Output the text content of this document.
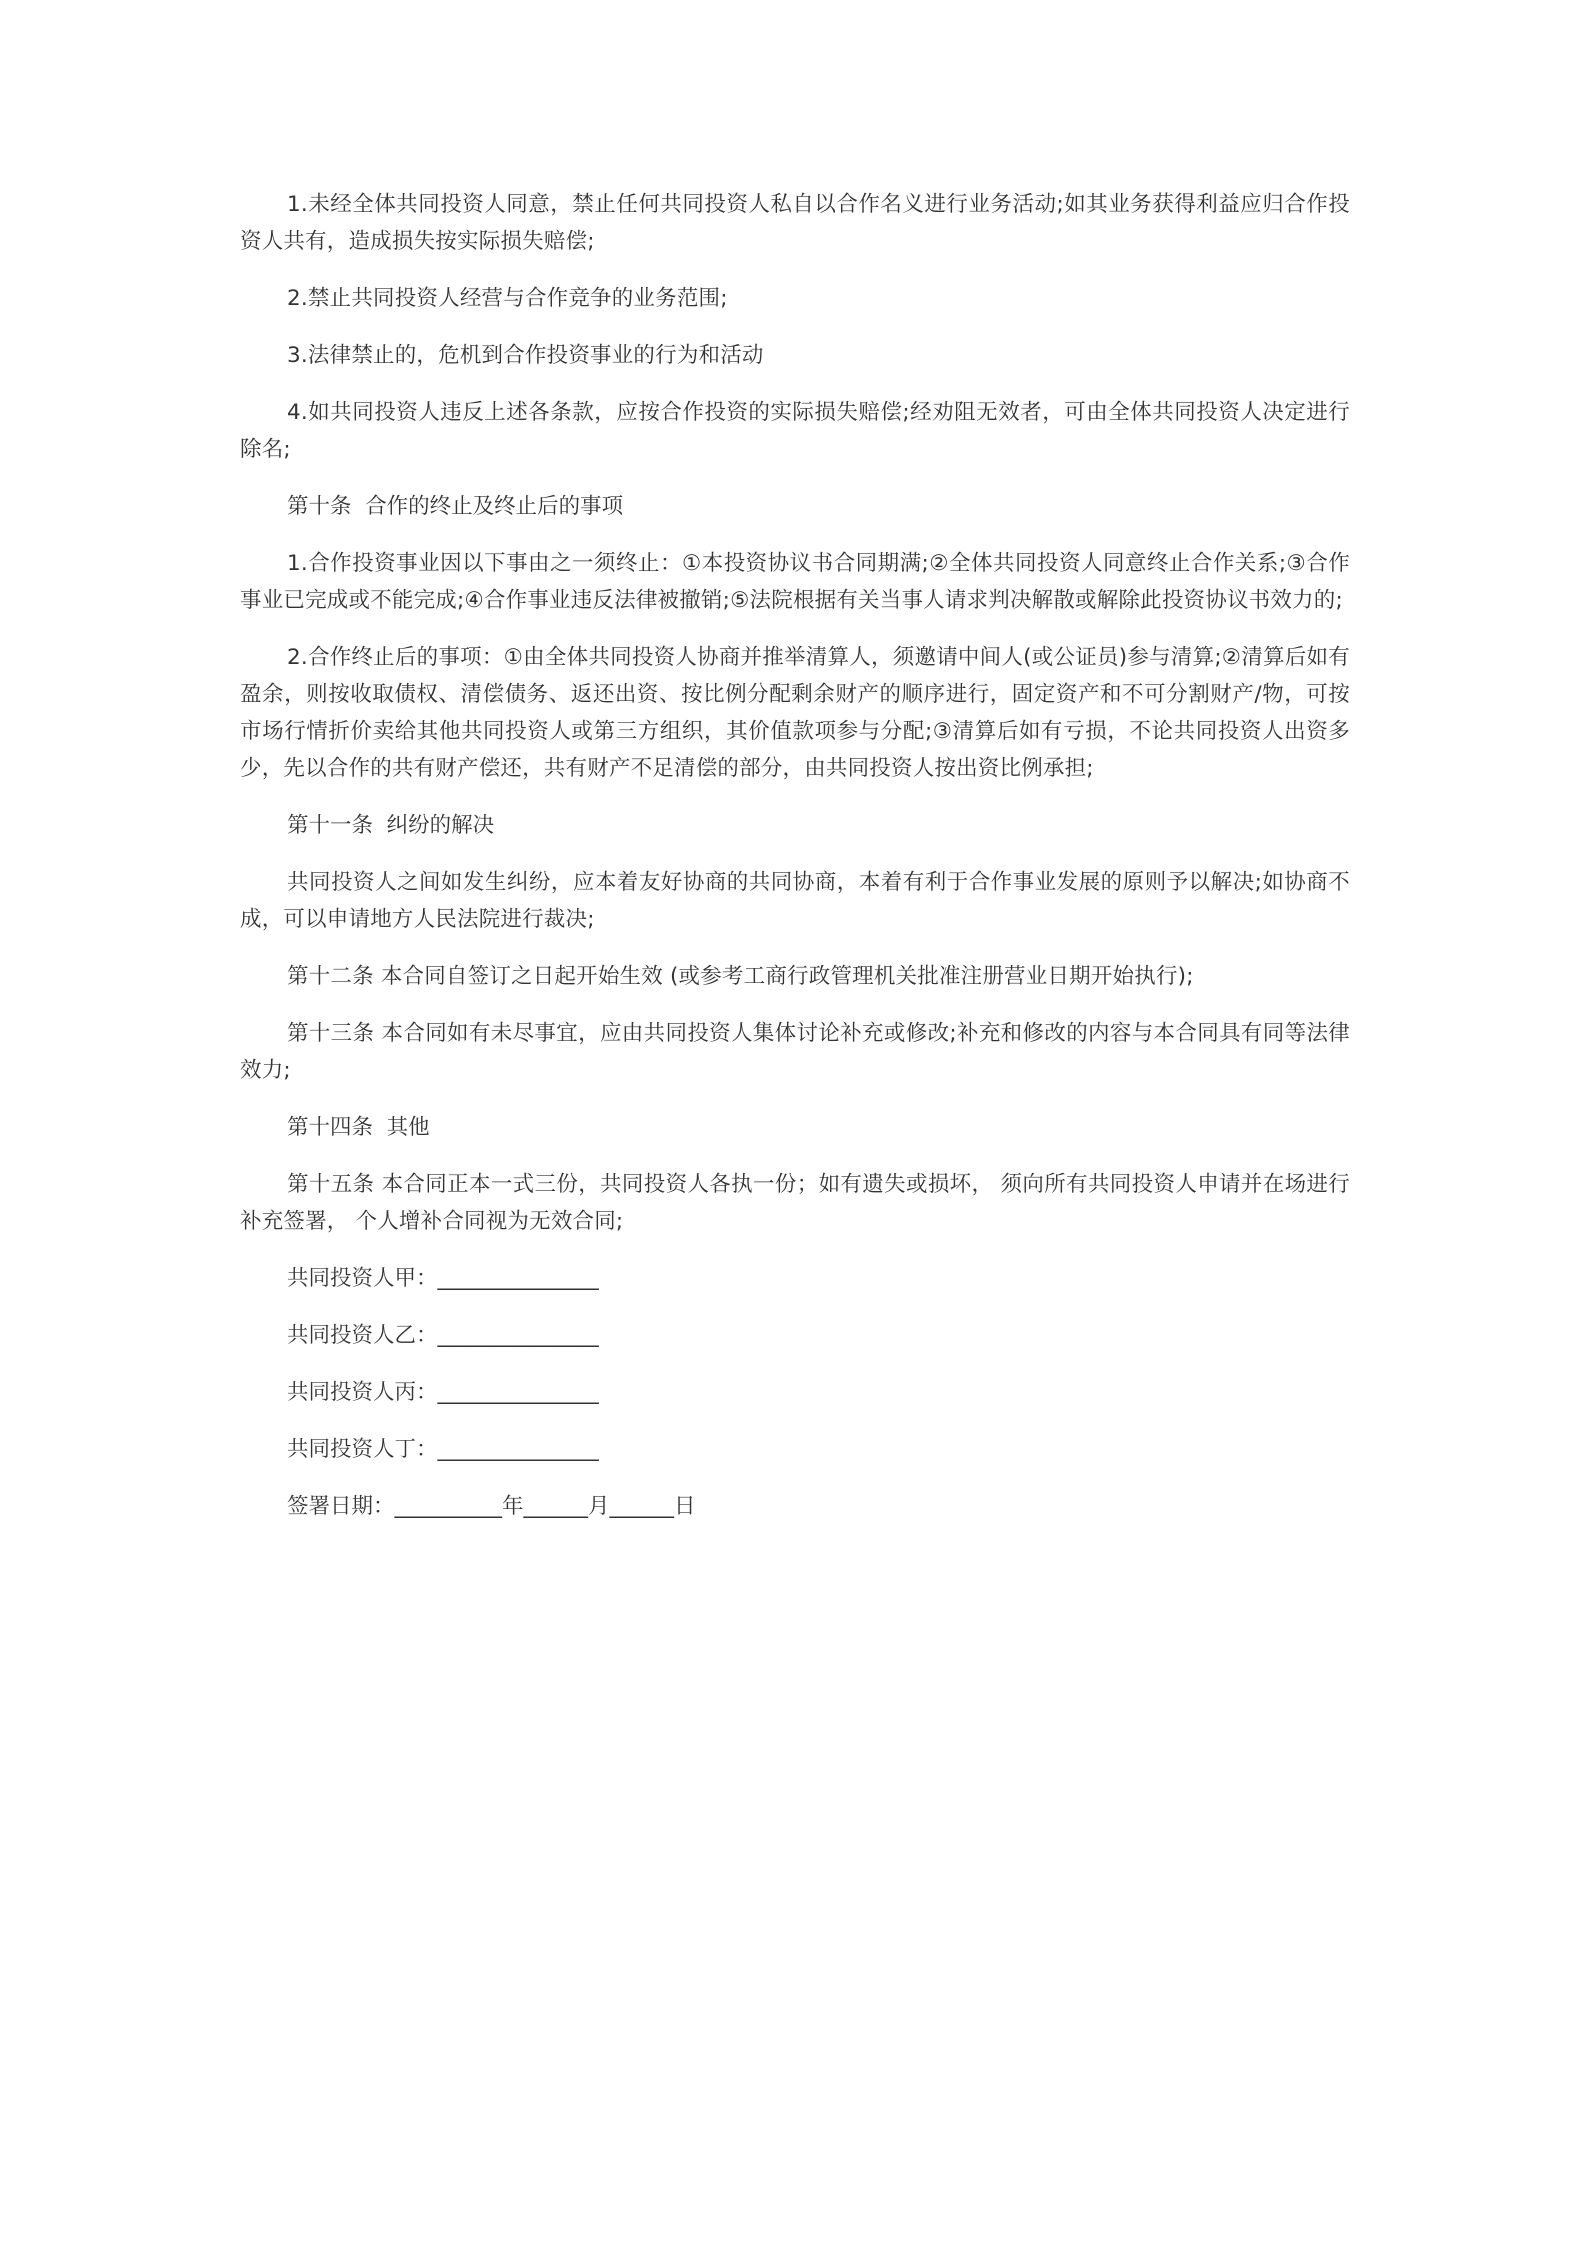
1.未经全体共同投资人同意，禁止任何共同投资人私自以合作名义进行业务活动;如其业务获得利益应归合作投资人共有，造成损失按实际损失赔偿;

2.禁止共同投资人经营与合作竞争的业务范围;

3.法律禁止的，危机到合作投资事业的行为和活动

4.如共同投资人违反上述各条款，应按合作投资的实际损失赔偿;经劝阻无效者，可由全体共同投资人决定进行除名;

第十条  合作的终止及终止后的事项

1.合作投资事业因以下事由之一须终止：①本投资协议书合同期满;②全体共同投资人同意终止合作关系;③合作事业已完成或不能完成;④合作事业违反法律被撤销;⑤法院根据有关当事人请求判决解散或解除此投资协议书效力的;

2.合作终止后的事项：①由全体共同投资人协商并推举清算人，须邀请中间人(或公证员)参与清算;②清算后如有盈余，则按收取债权、清偿债务、返还出资、按比例分配剩余财产的顺序进行，固定资产和不可分割财产/物，可按市场行情折价卖给其他共同投资人或第三方组织，其价值款项参与分配;③清算后如有亏损，不论共同投资人出资多少，先以合作的共有财产偿还，共有财产不足清偿的部分，由共同投资人按出资比例承担;

第十一条  纠纷的解决

共同投资人之间如发生纠纷，应本着友好协商的共同协商，本着有利于合作事业发展的原则予以解决;如协商不成，可以申请地方人民法院进行裁决;

第十二条 本合同自签订之日起开始生效 (或参考工商行政管理机关批准注册营业日期开始执行);

第十三条 本合同如有未尽事宜，应由共同投资人集体讨论补充或修改;补充和修改的内容与本合同具有同等法律效力;

第十四条  其他

第十五条 本合同正本一式三份，共同投资人各执一份；如有遗失或损坏， 须向所有共同投资人申请并在场进行补充签署， 个人增补合同视为无效合同;

共同投资人甲：_______________

共同投资人乙：_______________

共同投资人丙：_______________

共同投资人丁：_______________

签署日期：__________年______月______日
